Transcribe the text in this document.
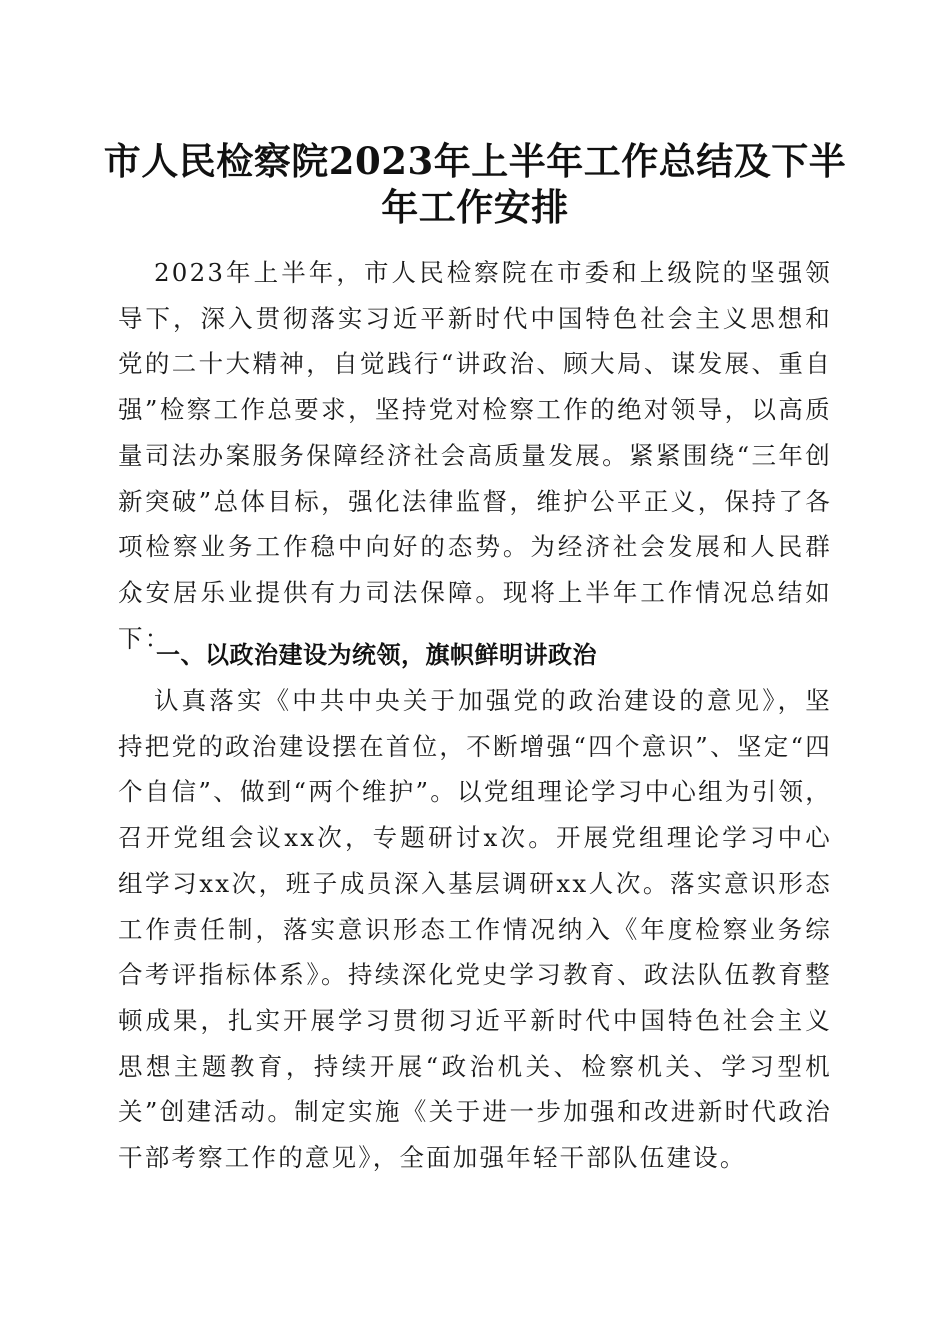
市人民检察院2023年上半年工作总结及下半年工作安排

2023年上半年，市人民检察院在市委和上级院的坚强领导下，深入贯彻落实习近平新时代中国特色社会主义思想和党的二十大精神，自觉践行“讲政治、顾大局、谋发展、重自强”检察工作总要求，坚持党对检察工作的绝对领导，以高质量司法办案服务保障经济社会高质量发展。紧紧围绕“三年创新突破”总体目标，强化法律监督，维护公平正义，保持了各项检察业务工作稳中向好的态势。为经济社会发展和人民群众安居乐业提供有力司法保障。现将上半年工作情况总结如下：

一、以政治建设为统领，旗帜鲜明讲政治

认真落实《中共中央关于加强党的政治建设的意见》，坚持把党的政治建设摆在首位，不断增强“四个意识”、坚定“四个自信”、做到“两个维护”。以党组理论学习中心组为引领，召开党组会议xx次，专题研讨x次。开展党组理论学习中心组学习xx次，班子成员深入基层调研xx人次。落实意识形态工作责任制，落实意识形态工作情况纳入《年度检察业务综合考评指标体系》。持续深化党史学习教育、政法队伍教育整顿成果，扎实开展学习贯彻习近平新时代中国特色社会主义思想主题教育，持续开展“政治机关、检察机关、学习型机关”创建活动。制定实施《关于进一步加强和改进新时代政治干部考察工作的意见》，全面加强年轻干部队伍建设。
